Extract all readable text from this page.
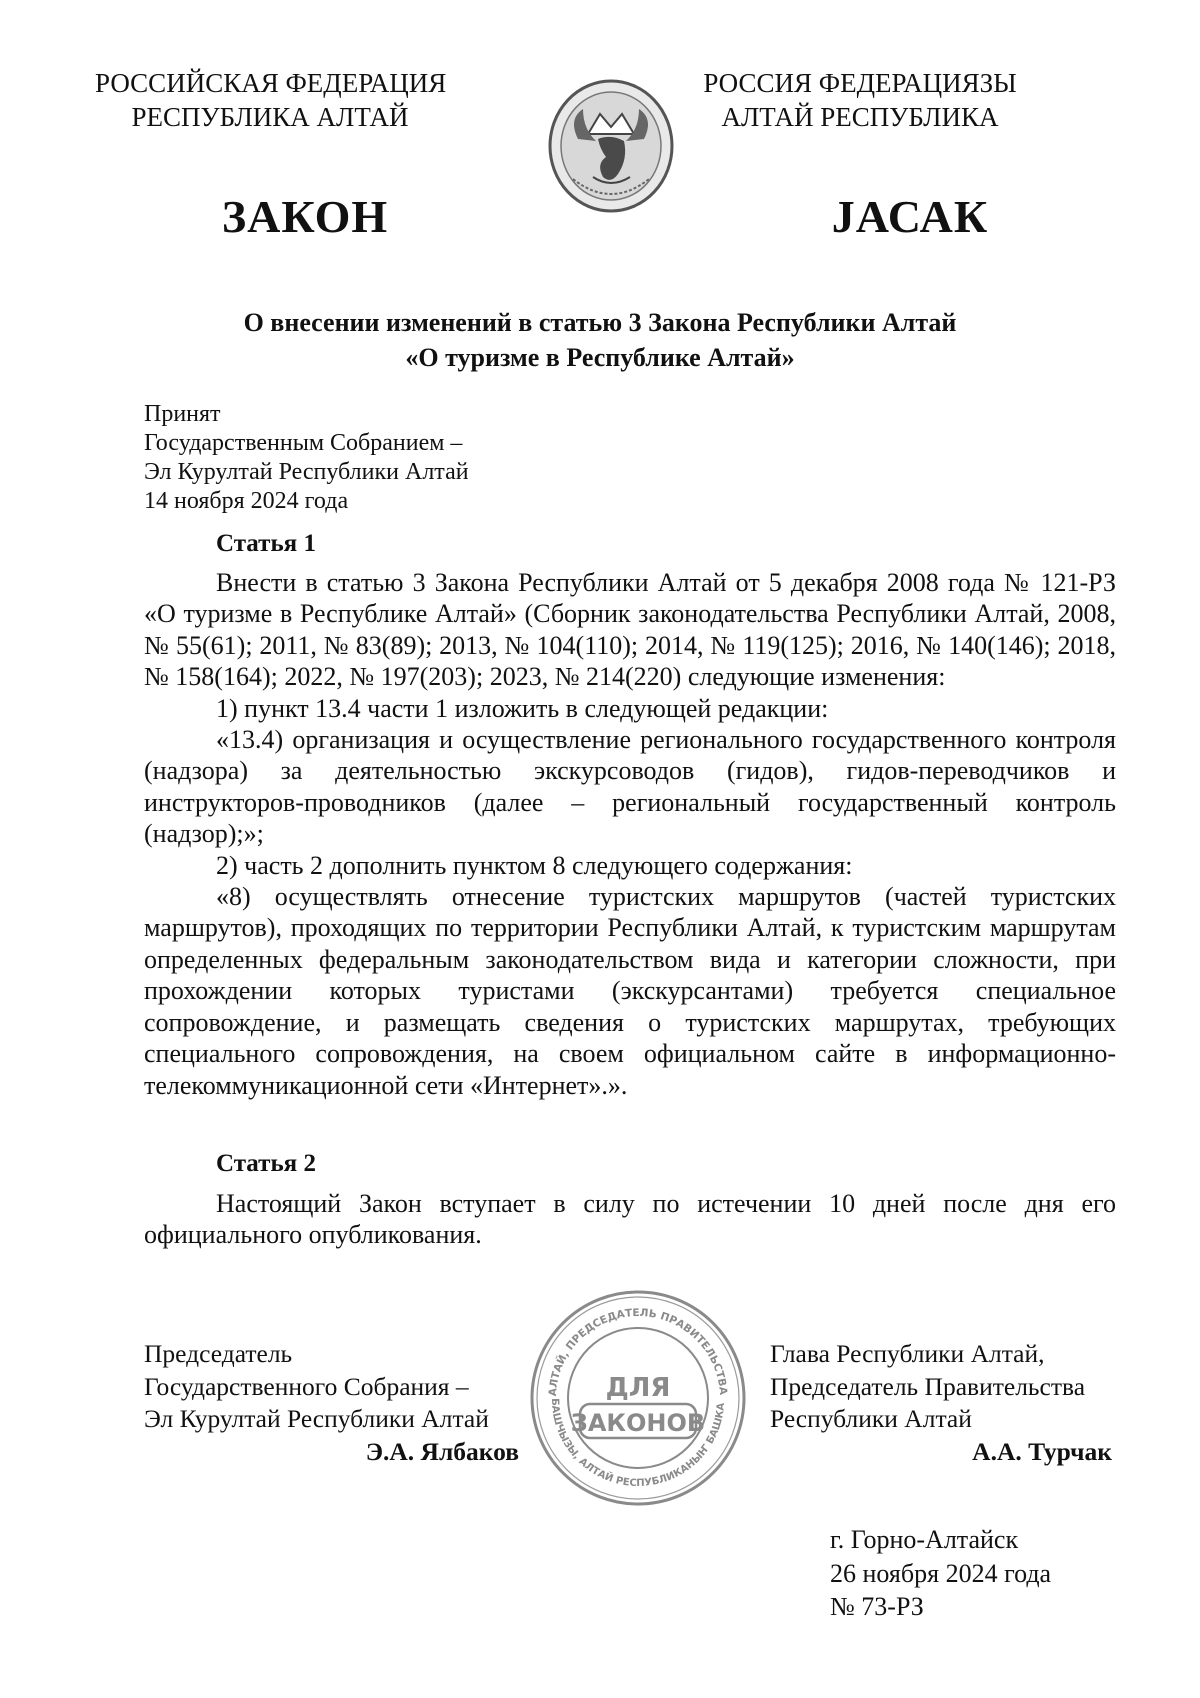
РОССИЙСКАЯ ФЕДЕРАЦИЯ
РЕСПУБЛИКА АЛТАЙ
РОССИЯ ФЕДЕРАЦИЯЗЫ
АЛТАЙ РЕСПУБЛИКА
ЗАКОН	JАСАК
О внесении изменений в статью 3 Закона Республики Алтай
«О туризме в Республике Алтай»
Принят
Государственным Собранием –
Эл Курултай Республики Алтай
14 ноября 2024 года
Статья 1

Внести в статью 3 Закона Республики Алтай от 5 декабря 2008 года № 121-РЗ «О туризме в Республике Алтай» (Сборник законодательства Республики Алтай, 2008, № 55(61); 2011, № 83(89); 2013, № 104(110); 2014, № 119(125); 2016, № 140(146); 2018, № 158(164); 2022, № 197(203); 2023, № 214(220) следующие изменения:

1) пункт 13.4 части 1 изложить в следующей редакции:

«13.4) организация и осуществление регионального государственного контроля (надзора) за деятельностью экскурсоводов (гидов), гидов-переводчиков и инструкторов-проводников (далее – региональный государственный контроль (надзор);»;

2) часть 2 дополнить пунктом 8 следующего содержания:

«8) осуществлять отнесение туристских маршрутов (частей туристских маршрутов), проходящих по территории Республики Алтай, к туристским маршрутам определенных федеральным законодательством вида и категории сложности, при прохождении которых туристами (экскурсантами) требуется специальное сопровождение, и размещать сведения о туристских маршрутах, требующих специального сопровождения, на своем официальном сайте в информационно-телекоммуникационной сети «Интернет».».

Статья 2

Настоящий Закон вступает в силу по истечении 10 дней после дня его официального опубликования.

Председатель
Государственного Собрания –
Эл Курултай Республики Алтай
Э.А. Ялбаков
АЛТАЙ, ПРЕДСЕДАТЕЛЬ ПРАВИТЕЛЬСТВА
БАШЧЫЗЫ, АЛТАЙ РЕСПУБЛИКАНЫҤ БАШКА
ДЛЯ
ЗАКОНОВ
Глава Республики Алтай,
Председатель Правительства
Республики Алтай
А.А. Турчак
г. Горно-Алтайск
26 ноября 2024 года
№ 73-РЗ
